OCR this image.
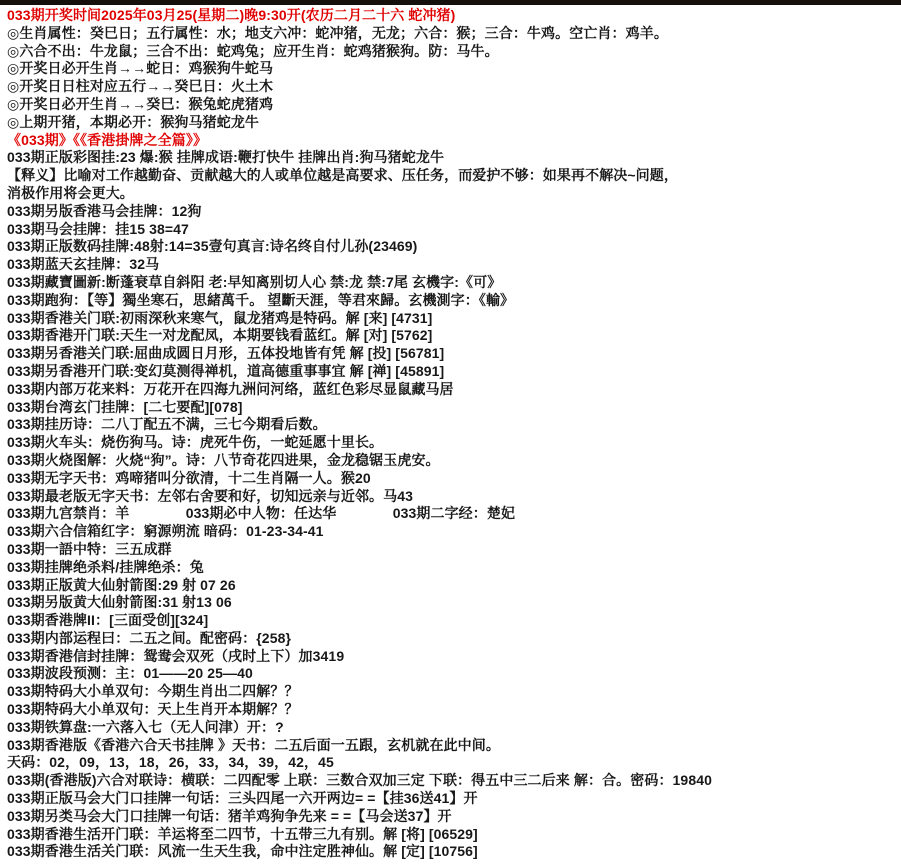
033期开奖时间2025年03月25(星期二)晚9:30开(农历二月二十六 蛇冲猪)
◎生肖属性：癸巳日；五行属性：水；地支六冲：蛇冲猪，无龙；六合：猴；三合：牛鸡。空亡肖：鸡羊。
◎六合不出：牛龙鼠；三合不出：蛇鸡兔；应开生肖：蛇鸡猪猴狗。防：马牛。
◎开奖日必开生肖→→蛇日：鸡猴狗牛蛇马
◎开奖日日柱对应五行→→癸巳日：火土木
◎开奖日必开生肖→→癸巳：猴兔蛇虎猪鸡
◎上期开猪，本期必开：猴狗马猪蛇龙牛
《033期》《《香港掛牌之全篇》》
033期正版彩图挂:23 爆:猴 挂牌成语:鞭打快牛 挂牌出肖:狗马猪蛇龙牛
【释义】比喻对工作越勤奋、贡献越大的人或单位越是高要求、压任务，而爱护不够：如果再不解决~问题，
消极作用将会更大。
033期另版香港马会挂牌：12狗
033期马会挂牌：挂15 38=47
033期正版数码挂牌:48射:14=35壹句真言:诗名终自付儿孙(23469)
033期蓝天玄挂牌：32马
033期藏寶圖新:断蓬衰草自斜阳 老:早知离别切人心 禁:龙 禁:7尾 玄機字:《可》
033期跑狗：【等】獨坐寒石，思緒萬千。 望斷天涯，等君來歸。玄機測字：《輸》
033期香港关门联:初雨深秋来寒气，鼠龙猪鸡是特码。解 [来] [4731]
033期香港开门联:天生一对龙配凤，本期要钱看蓝红。解 [对] [5762]
033期另香港关门联:屈曲成圆日月形，五体投地皆有凭 解 [投] [56781]
033期另香港开门联:变幻莫测得禅机，道高德重事事宜 解 [禅] [45891]
033期内部万花来料：万花开在四海九洲问河络，蓝红色彩尽显鼠藏马居
033期台湾玄门挂牌：[二七要配][078]
033期挂历诗：二八丁配五不满，三七今期看后数。
033期火车头：烧伤狗马。诗：虎死牛伤，一蛇延愿十里长。
033期火烧图解：火烧“狗”。诗：八节奇花四进果，金龙稳锯玉虎安。
033期无字天书：鸡啼猪叫分欲清，十二生肖隔一人。猴20
033期最老版无字天书：左邻右舍要和好，切知远亲与近邻。马43
033期九宫禁肖：羊　　　　033期必中人物：任达华　　　　033期二字经：楚妃
033期六合信箱红字：窮源朔流 暗码：01-23-34-41
033期一語中特：三五成群
033期挂牌绝杀料/挂牌绝杀：兔
033期正版黄大仙射箭图:29 射 07 26
033期另版黄大仙射箭图:31 射13 06
033期香港牌II：[三面受创][324]
033期内部运程曰：二五之间。配密码：{258}
033期香港信封挂牌：鸳鸯会双死（戌时上下）加3419
033期波段预测：主：01——20 25—40
033期特码大小单双句：今期生肖出二四解？？
033期特码大小单双句：天上生肖开本期解？？
033期铁算盘:一六落入七（无人问津）开：?
033期香港版《香港六合天书挂牌 》天书：二五后面一五跟，玄机就在此中间。
天码：02，09，13，18，26，33，34，39，42，45
033期(香港版)六合对联诗：横联：二四配零 上联：三数合双加三定 下联：得五中三二后来 解：合。密码：19840
033期正版马会大门口挂牌一句话：三头四尾一六开两边= =【挂36送41】开
033期另类马会大门口挂牌一句话：猪羊鸡狗争先来 = =【马会送37】开
033期香港生活开门联：羊运将至二四节，十五带三九有别。解 [将] [06529]
033期香港生活关门联：风流一生天生我，命中注定胜神仙。解 [定] [10756]
